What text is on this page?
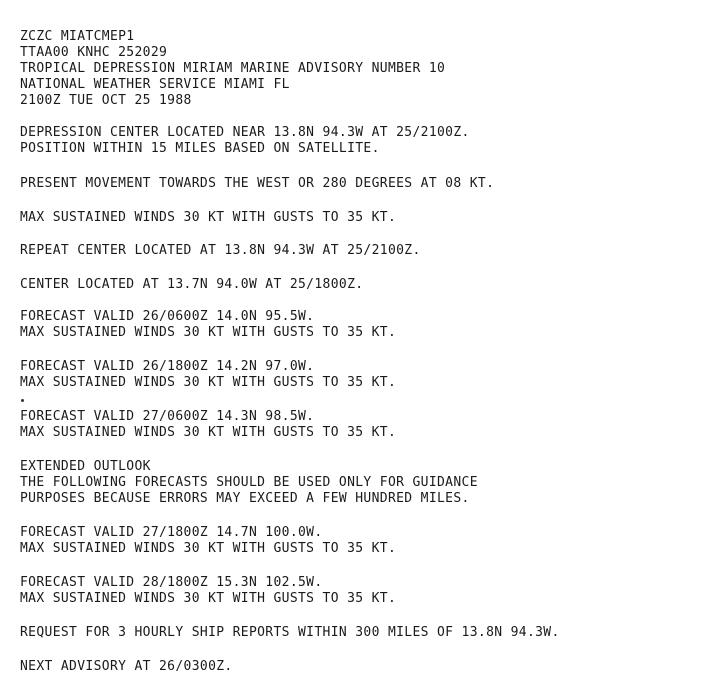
ZCZC MIATCMEP1

TTAA00 KNHC 252029

TROPICAL DEPRESSION MIRIAM MARINE ADVISORY NUMBER 10

NATIONAL WEATHER SERVICE MIAMI FL

2100Z TUE OCT 25 1988

DEPRESSION CENTER LOCATED NEAR 13.8N 94.3W AT 25/2100Z.

POSITION WITHIN 15 MILES BASED ON SATELLITE.

PRESENT MOVEMENT TOWARDS THE WEST OR 280 DEGREES AT 08 KT.

MAX SUSTAINED WINDS 30 KT WITH GUSTS TO 35 KT.

REPEAT CENTER LOCATED AT 13.8N 94.3W AT 25/2100Z.

CENTER LOCATED AT 13.7N 94.0W AT 25/1800Z.

FORECAST VALID 26/0600Z 14.0N 95.5W.

MAX SUSTAINED WINDS 30 KT WITH GUSTS TO 35 KT.

FORECAST VALID 26/1800Z 14.2N 97.0W.

MAX SUSTAINED WINDS 30 KT WITH GUSTS TO 35 KT.

FORECAST VALID 27/0600Z 14.3N 98.5W.

MAX SUSTAINED WINDS 30 KT WITH GUSTS TO 35 KT.

EXTENDED OUTLOOK

THE FOLLOWING FORECASTS SHOULD BE USED ONLY FOR GUIDANCE

PURPOSES BECAUSE ERRORS MAY EXCEED A FEW HUNDRED MILES.

FORECAST VALID 27/1800Z 14.7N 100.0W.

MAX SUSTAINED WINDS 30 KT WITH GUSTS TO 35 KT.

FORECAST VALID 28/1800Z 15.3N 102.5W.

MAX SUSTAINED WINDS 30 KT WITH GUSTS TO 35 KT.

REQUEST FOR 3 HOURLY SHIP REPORTS WITHIN 300 MILES OF 13.8N 94.3W.

NEXT ADVISORY AT 26/0300Z.
